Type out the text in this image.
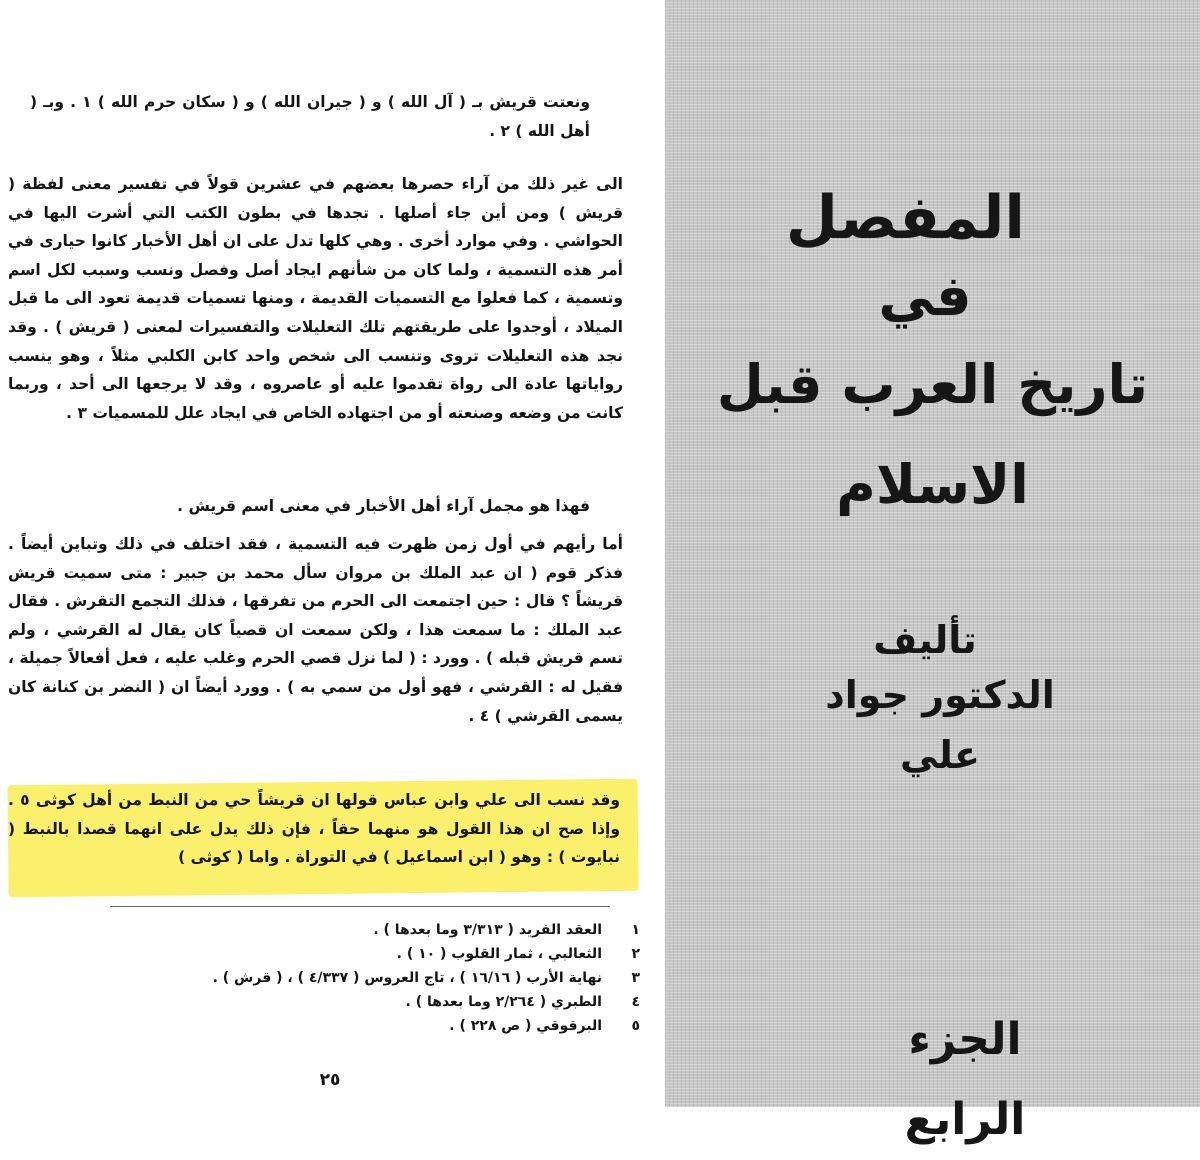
ونعتت قريش بـ ( آل الله ) و ( جيران الله ) و ( سكان حرم الله ) ١ . وبـ ( أهل الله ) ٢ .

الى غير ذلك من آراء حصرها بعضهم في عشرين قولاً في تفسير معنى لفظة ( قريش ) ومن أين جاء أصلها . تجدها في بطون الكتب التي أشرت اليها في الحواشي . وفي موارد أخرى . وهي كلها تدل على ان أهل الأخبار كانوا حيارى في أمر هذه التسمية ، ولما كان من شأنهم ايجاد أصل وفصل ونسب وسبب لكل اسم وتسمية ، كما فعلوا مع التسميات القديمة ، ومنها تسميات قديمة تعود الى ما قبل الميلاد ، أوجدوا على طريقتهم تلك التعليلات والتفسيرات لمعنى ( قريش ) . وقد نجد هذه التعليلات تروى وتنسب الى شخص واحد كابن الكلبي مثلاً ، وهو ينسب رواياتها عادة الى رواة تقدموا عليه أو عاصروه ، وقد لا يرجعها الى أحد ، وربما كانت من وضعه وصنعته أو من اجتهاده الخاص في ايجاد علل للمسميات ٣ .

فهذا هو مجمل آراء أهل الأخبار في معنى اسم قريش .

أما رأيهم في أول زمن ظهرت فيه التسمية ، فقد اختلف في ذلك وتباين أيضاً . فذكر قوم ( ان عبد الملك بن مروان سأل محمد بن جبير : متى سميت قريش قريشاً ؟ قال : حين اجتمعت الى الحرم من تفرقها ، فذلك التجمع التقرش . فقال عبد الملك : ما سمعت هذا ، ولكن سمعت ان قصياً كان يقال له القرشي ، ولم تسم قريش قبله ) . وورد : ( لما نزل قصي الحرم وغلب عليه ، فعل أفعالاً جميلة ، فقيل له : القرشي ، فهو أول من سمي به ) . وورد أيضاً ان ( النضر بن كنانة كان يسمى القرشي ) ٤ .

وقد نسب الى علي وابن عباس قولها ان قريشاً حي من النبط من أهل كوثى ٥ . وإذا صح ان هذا القول هو منهما حقاً ، فإن ذلك يدل على انهما قصدا بالنبط ( نبايوت ) : وهو ( ابن اسماعيل ) في التوراة . واما ( كوثى )

١
العقد الفريد ( ٣/٣١٣ وما بعدها ) .
٢
الثعالبي ، ثمار القلوب ( ١٠ ) .
٣
نهاية الأرب ( ١٦/١٦ ) ، تاج العروس ( ٤/٣٣٧ ) ، ( قرش ) .
٤
الطبري ( ٢/٢٦٤ وما بعدها ) .
٥
البرقوقي ( ص ٢٢٨ ) .
٢٥
المفصل
في
تاريخ العرب قبل الاسلام
تأليف
الدكتور جواد علي
الجزء الرابع
